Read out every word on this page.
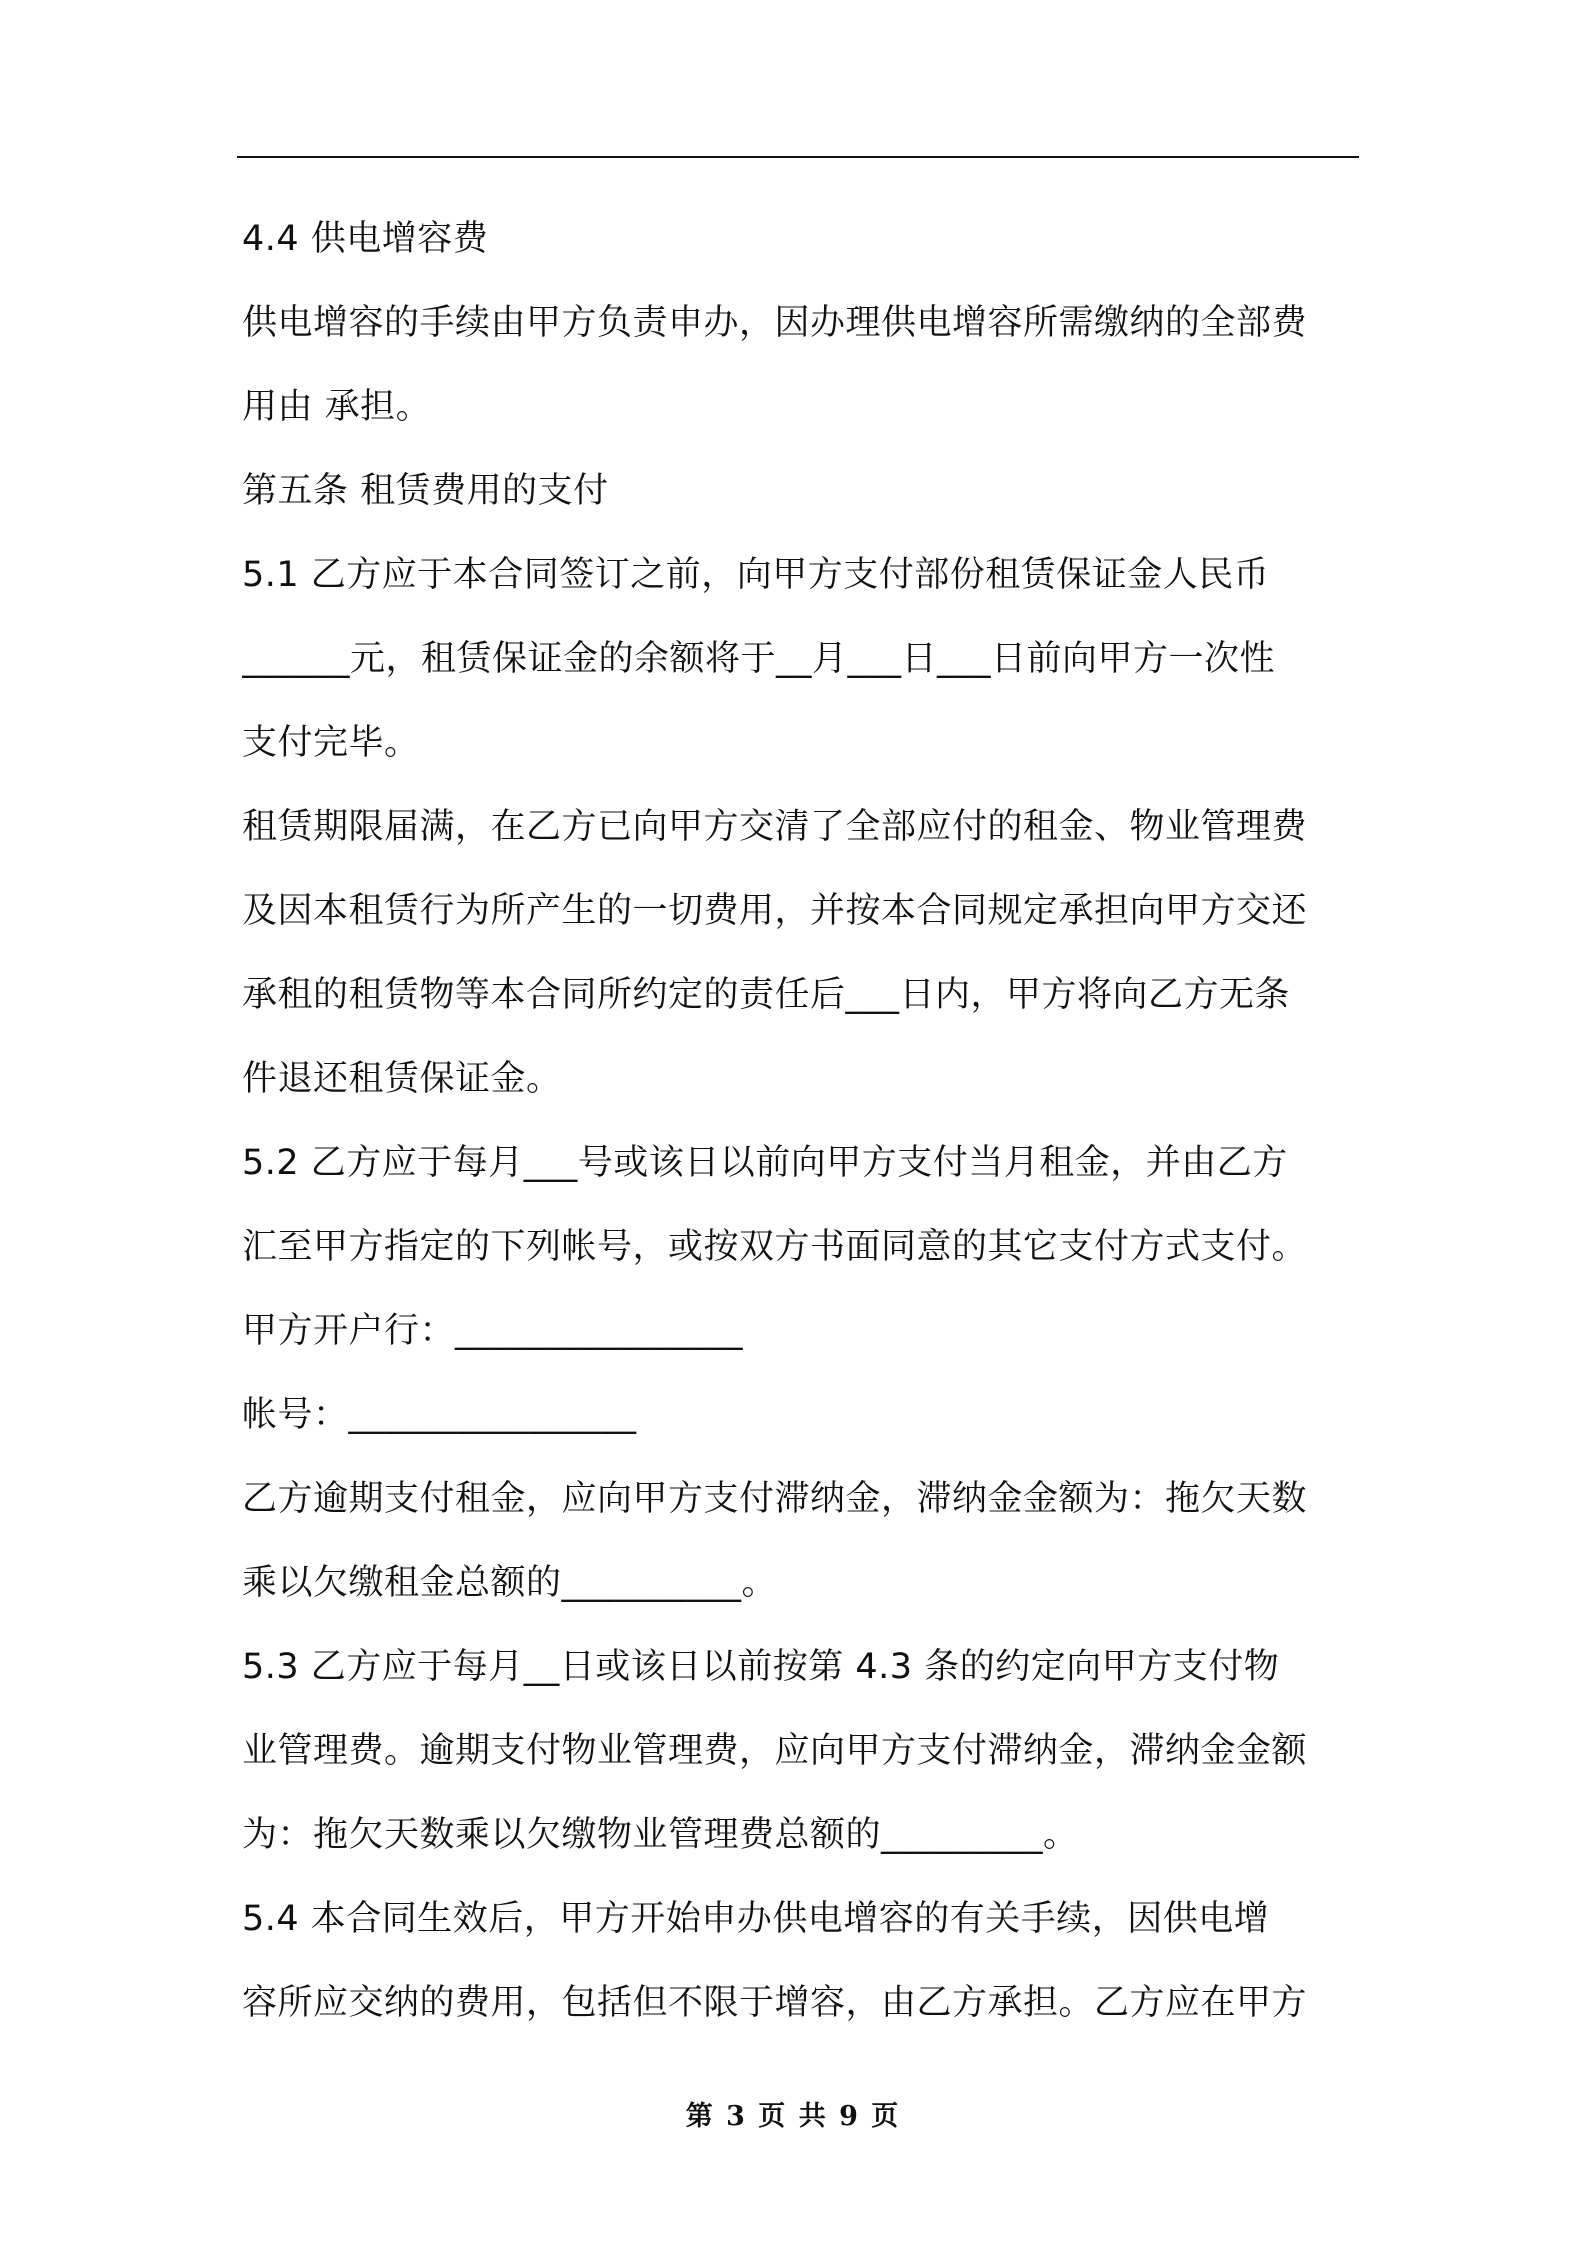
4.4 供电增容费
供电增容的手续由甲方负责申办，因办理供电增容所需缴纳的全部费
用由 承担。
第五条 租赁费用的支付
5.1 乙方应于本合同签订之前，向甲方支付部份租赁保证金人民币
______元，租赁保证金的余额将于__月___日___日前向甲方一次性
支付完毕。
租赁期限届满，在乙方已向甲方交清了全部应付的租金、物业管理费
及因本租赁行为所产生的一切费用，并按本合同规定承担向甲方交还
承租的租赁物等本合同所约定的责任后___日内，甲方将向乙方无条
件退还租赁保证金。
5.2 乙方应于每月___号或该日以前向甲方支付当月租金，并由乙方
汇至甲方指定的下列帐号，或按双方书面同意的其它支付方式支付。
甲方开户行：________________
帐号：________________
乙方逾期支付租金，应向甲方支付滞纳金，滞纳金金额为：拖欠天数
乘以欠缴租金总额的__________。
5.3 乙方应于每月__日或该日以前按第 4.3 条的约定向甲方支付物
业管理费。逾期支付物业管理费，应向甲方支付滞纳金，滞纳金金额
为：拖欠天数乘以欠缴物业管理费总额的_________。
5.4 本合同生效后，甲方开始申办供电增容的有关手续，因供电增
容所应交纳的费用，包括但不限于增容，由乙方承担。乙方应在甲方
第 3 页 共 9 页
